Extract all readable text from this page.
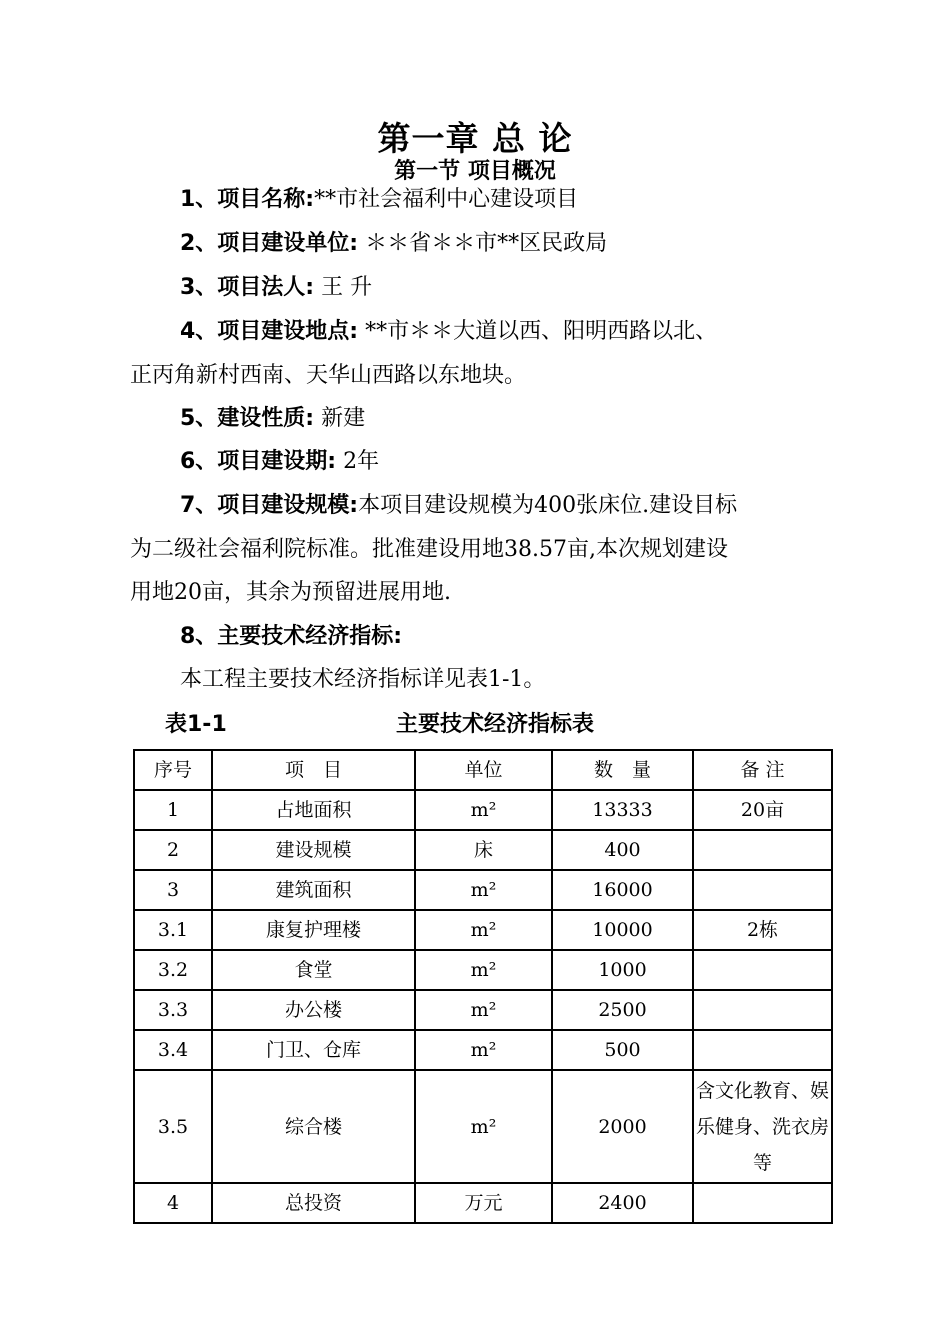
第一章 总 论
第一节 项目概况
1、项目名称:**市社会福利中心建设项目
2、项目建设单位: ＊＊省＊＊市**区民政局
3、项目法人: 王 升
4、项目建设地点: **市＊＊大道以西、阳明西路以北、
正丙角新村西南、天华山西路以东地块。
5、建设性质: 新建
6、项目建设期: 2年
7、项目建设规模:本项目建设规模为400张床位.建设目标
为二级社会福利院标准。批准建设用地38.57亩,本次规划建设
用地20亩，其余为预留进展用地.
8、主要技术经济指标:
本工程主要技术经济指标详见表1-1。
表1-1	主要技术经济指标表
序号	项　目	单位	数　量	备 注
1	占地面积	m²	13333	20亩
2	建设规模	床	400	
3	建筑面积	m²	16000	
3.1	康复护理楼	m²	10000	2栋
3.2	食堂	m²	1000	
3.3	办公楼	m²	2500	
3.4	门卫、仓库	m²	500	
3.5	综合楼	m²	2000	含文化教育、娱乐健身、洗衣房等
4	总投资	万元	2400	
